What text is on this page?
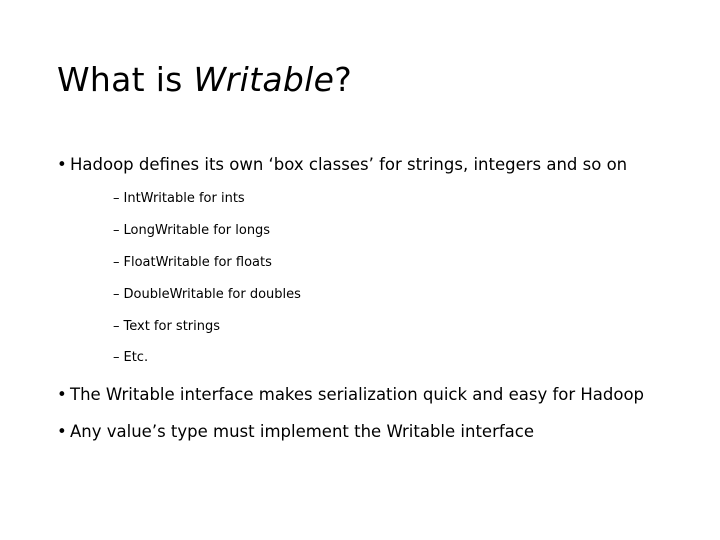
What is Writable?
• Hadoop defines its own ‘box classes’ for strings, integers and so on
– IntWritable for ints
– LongWritable for longs
– FloatWritable for floats
– DoubleWritable for doubles
– Text for strings
– Etc.
• The Writable interface makes serialization quick and easy for Hadoop
• Any value’s type must implement the Writable interface
